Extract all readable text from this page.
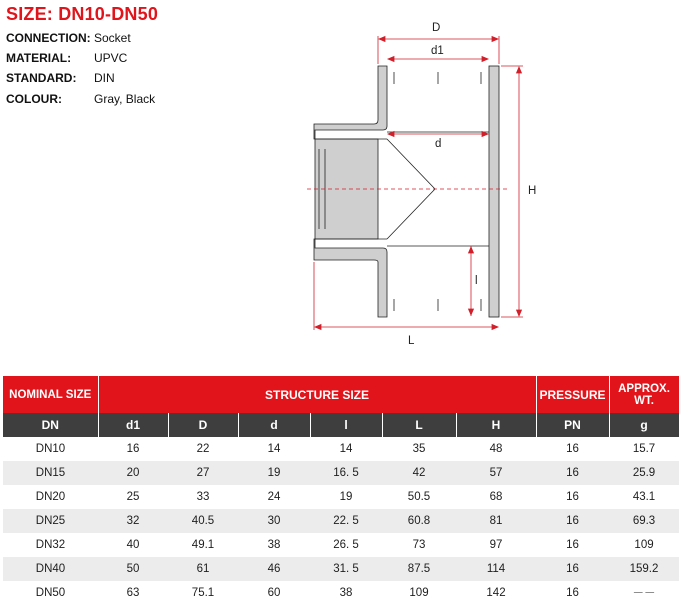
SIZE: DN10-DN50
CONNECTION: Socket
MATERIAL:	UPVC
STANDARD:	DIN
COLOUR:	Gray, Black
D
d1
d
H
l
L
NOMINAL SIZE	STRUCTURE SIZE						PRESSURE	APPROX. WT.
DN	d1	D	d	l	L	H	PN	g
DN10	16	22	14	14	35	48	16	15.7
DN15	20	27	19	16. 5	42	57	16	25.9
DN20	25	33	24	19	50.5	68	16	43.1
DN25	32	40.5	30	22. 5	60.8	81	16	69.3
DN32	40	49.1	38	26. 5	73	97	16	109
DN40	50	61	46	31. 5	87.5	114	16	159.2
DN50	63	75.1	60	38	109	142	16	－－
